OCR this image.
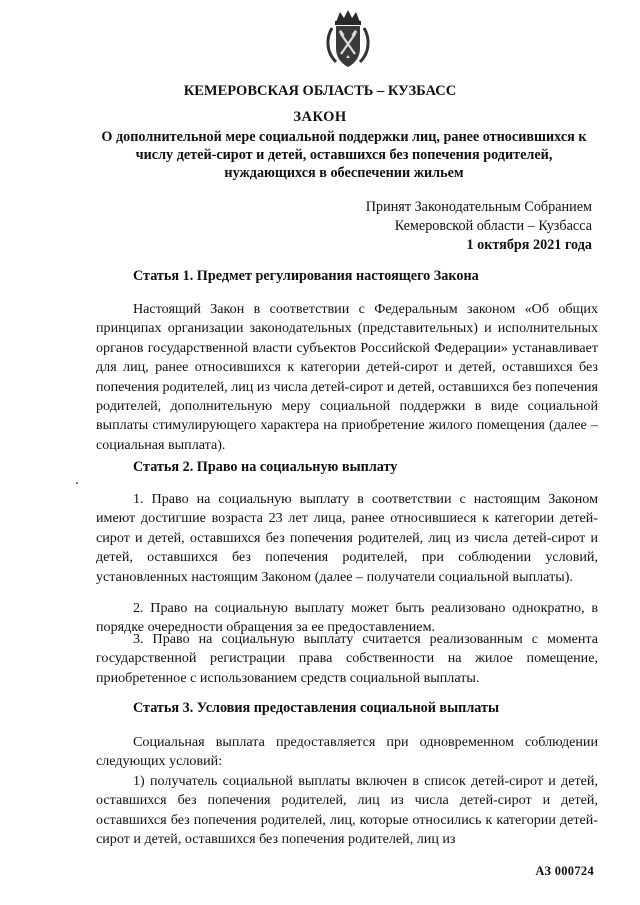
КЕМЕРОВСКАЯ ОБЛАСТЬ – КУЗБАСС
ЗАКОН
О дополнительной мере социальной поддержки лиц, ранее относившихся к числу детей-сирот и детей, оставшихся без попечения родителей, нуждающихся в обеспечении жильем
Принят Законодательным Собранием
Кемеровской области – Кузбасса
1 октября 2021 года
Статья 1. Предмет регулирования настоящего Закона

Настоящий Закон в соответствии с Федеральным законом «Об общих принципах организации законодательных (представительных) и исполнительных органов государственной власти субъектов Российской Федерации» устанавливает для лиц, ранее относившихся к категории детей-сирот и детей, оставшихся без попечения родителей, лиц из числа детей-сирот и детей, оставшихся без попечения родителей, дополнительную меру социальной поддержки в виде социальной выплаты стимулирующего характера на приобретение жилого помещения (далее – социальная выплата).

Статья 2. Право на социальную выплату

1. Право на социальную выплату в соответствии с настоящим Законом имеют достигшие возраста 23 лет лица, ранее относившиеся к категории детей-сирот и детей, оставшихся без попечения родителей, лиц из числа детей-сирот и детей, оставшихся без попечения родителей, при соблюдении условий, установленных настоящим Законом (далее – получатели социальной выплаты).

2. Право на социальную выплату может быть реализовано однократно, в порядке очередности обращения за ее предоставлением.

3. Право на социальную выплату считается реализованным с момента государственной регистрации права собственности на жилое помещение, приобретенное с использованием средств социальной выплаты.

Статья 3. Условия предоставления социальной выплаты

Социальная выплата предоставляется при одновременном соблюдении следующих условий:

1) получатель социальной выплаты включен в список детей-сирот и детей, оставшихся без попечения родителей, лиц из числа детей-сирот и детей, оставшихся без попечения родителей, лиц, которые относились к категории детей-сирот и детей, оставшихся без попечения родителей, лиц из

АЗ 000724
